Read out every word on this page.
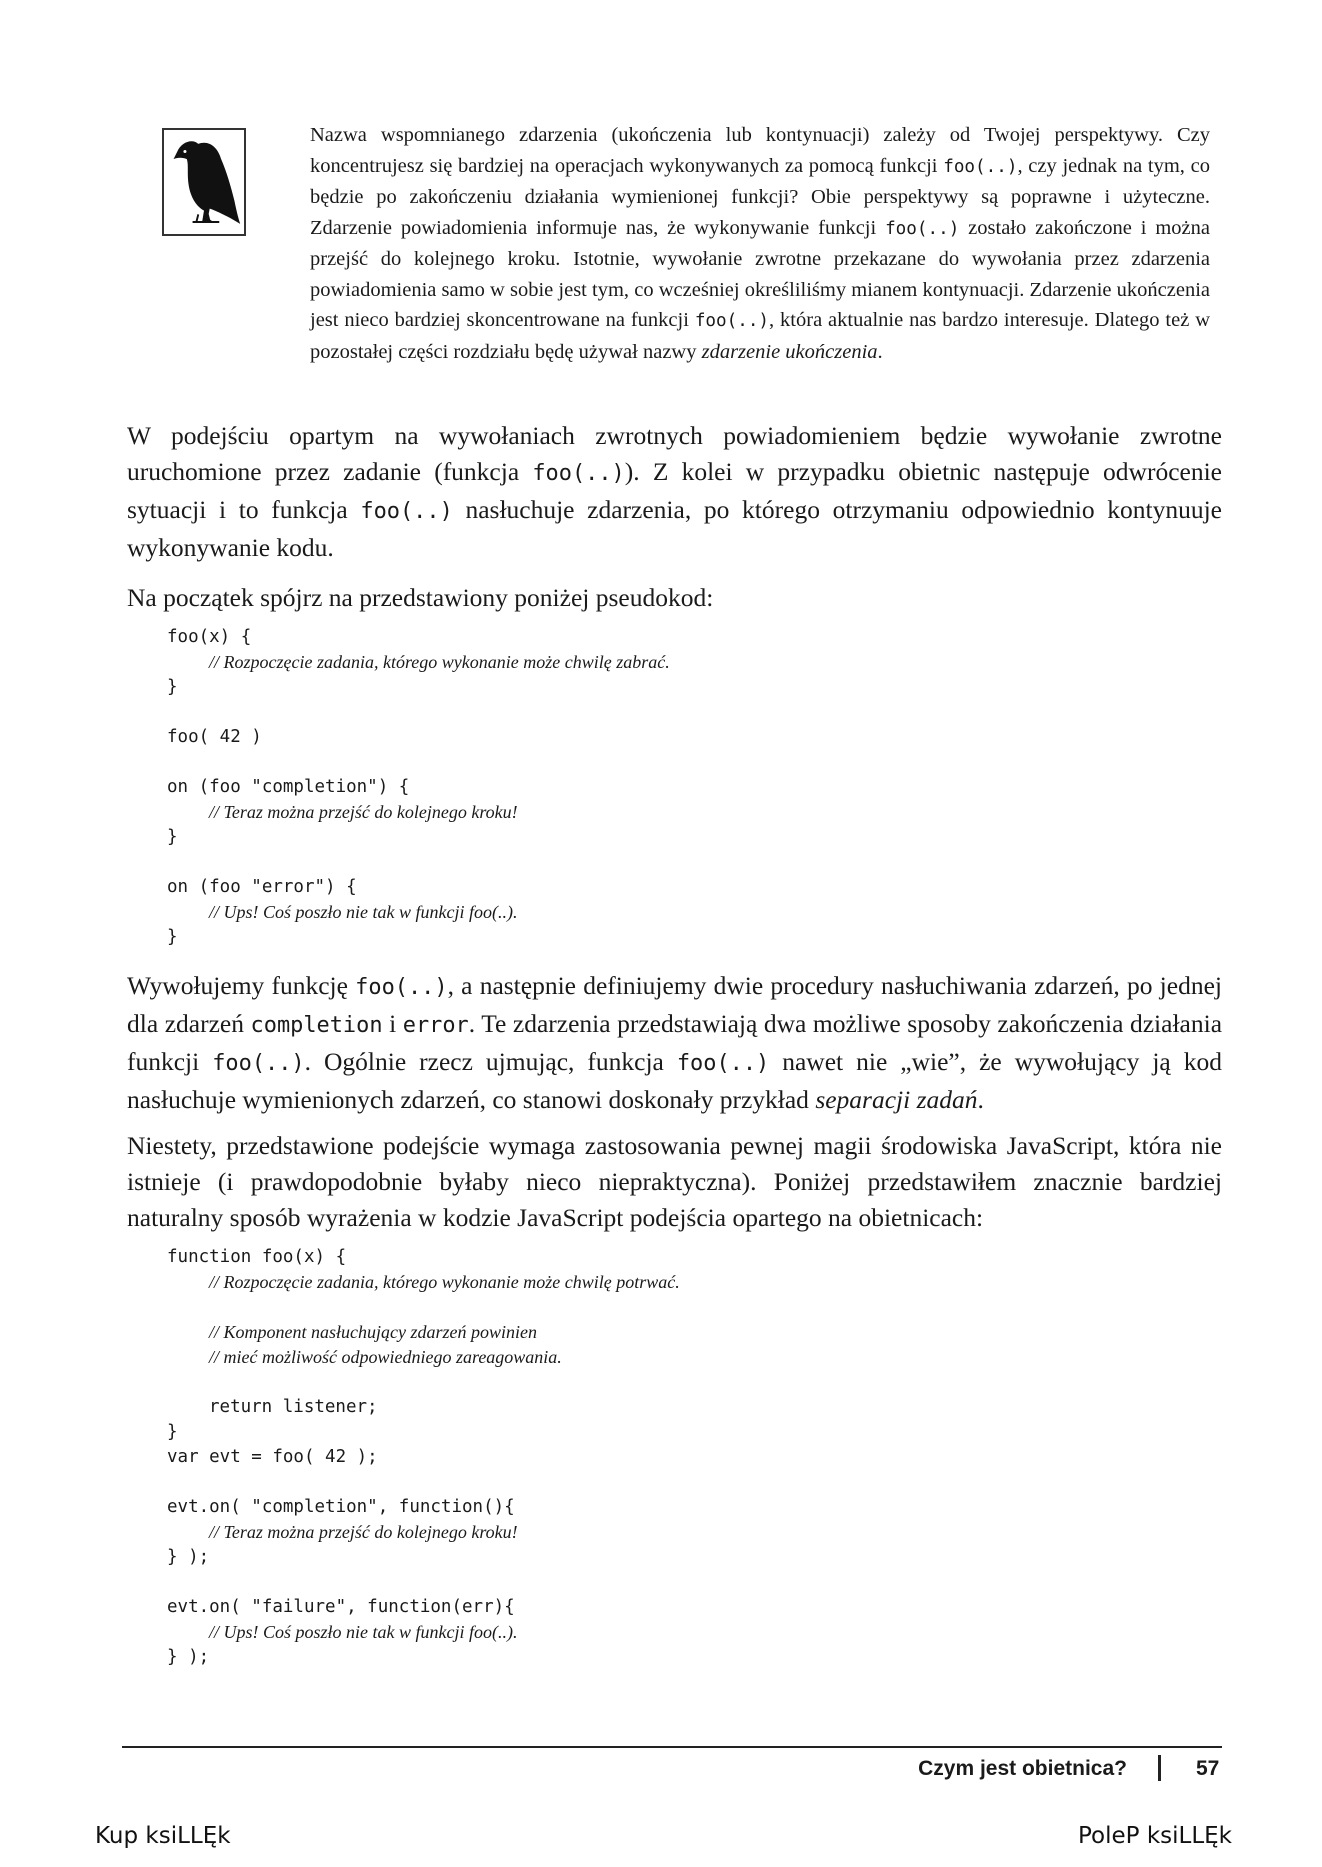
Nazwa wspomnianego zdarzenia (ukończenia lub kontynuacji) zależy od Twojej perspektywy. Czy koncentrujesz się bardziej na operacjach wykonywanych za pomocą funkcji foo(..), czy jednak na tym, co będzie po zakończeniu działania wymienionej funkcji? Obie perspektywy są poprawne i użyteczne. Zdarzenie powiadomienia informuje nas, że wykonywanie funkcji foo(..) zostało zakończone i można przejść do kolejnego kroku. Istotnie, wywołanie zwrotne przekazane do wywołania przez zdarzenia powiadomienia samo w sobie jest tym, co wcześniej określiliśmy mianem kontynuacji. Zdarzenie ukończenia jest nieco bardziej skoncentrowane na funkcji foo(..), która aktualnie nas bardzo interesuje. Dlatego też w pozostałej części rozdziału będę używał nazwy zdarzenie ukończenia.
W podejściu opartym na wywołaniach zwrotnych powiadomieniem będzie wywołanie zwrotne uruchomione przez zadanie (funkcja foo(..)). Z kolei w przypadku obietnic następuje odwrócenie sytuacji i to funkcja foo(..) nasłuchuje zdarzenia, po którego otrzymaniu odpowiednio kontynuuje wykonywanie kodu.
Na początek spójrz na przedstawiony poniżej pseudokod:
foo(x) {
// Rozpoczęcie zadania, którego wykonanie może chwilę zabrać.
}
foo( 42 )
on (foo "completion") {
// Teraz można przejść do kolejnego kroku!
}
on (foo "error") {
// Ups! Coś poszło nie tak w funkcji foo(..).
}
Wywołujemy funkcję foo(..), a następnie definiujemy dwie procedury nasłuchiwania zdarzeń, po jednej dla zdarzeń completion i error. Te zdarzenia przedstawiają dwa możliwe sposoby zakończenia działania funkcji foo(..). Ogólnie rzecz ujmując, funkcja foo(..) nawet nie „wie”, że wywołujący ją kod nasłuchuje wymienionych zdarzeń, co stanowi doskonały przykład separacji zadań.
Niestety, przedstawione podejście wymaga zastosowania pewnej magii środowiska JavaScript, która nie istnieje (i prawdopodobnie byłaby nieco niepraktyczna). Poniżej przedstawiłem znacznie bardziej naturalny sposób wyrażenia w kodzie JavaScript podejścia opartego na obietnicach:
function foo(x) {
// Rozpoczęcie zadania, którego wykonanie może chwilę potrwać.
// Komponent nasłuchujący zdarzeń powinien
// mieć możliwość odpowiedniego zareagowania.
return listener;
}
var evt = foo( 42 );
evt.on( "completion", function(){
// Teraz można przejść do kolejnego kroku!
} );
evt.on( "failure", function(err){
// Ups! Coś poszło nie tak w funkcji foo(..).
} );
Czym jest obietnica?	57
Kup ksiLLĘk	PoleP ksiLLĘk
